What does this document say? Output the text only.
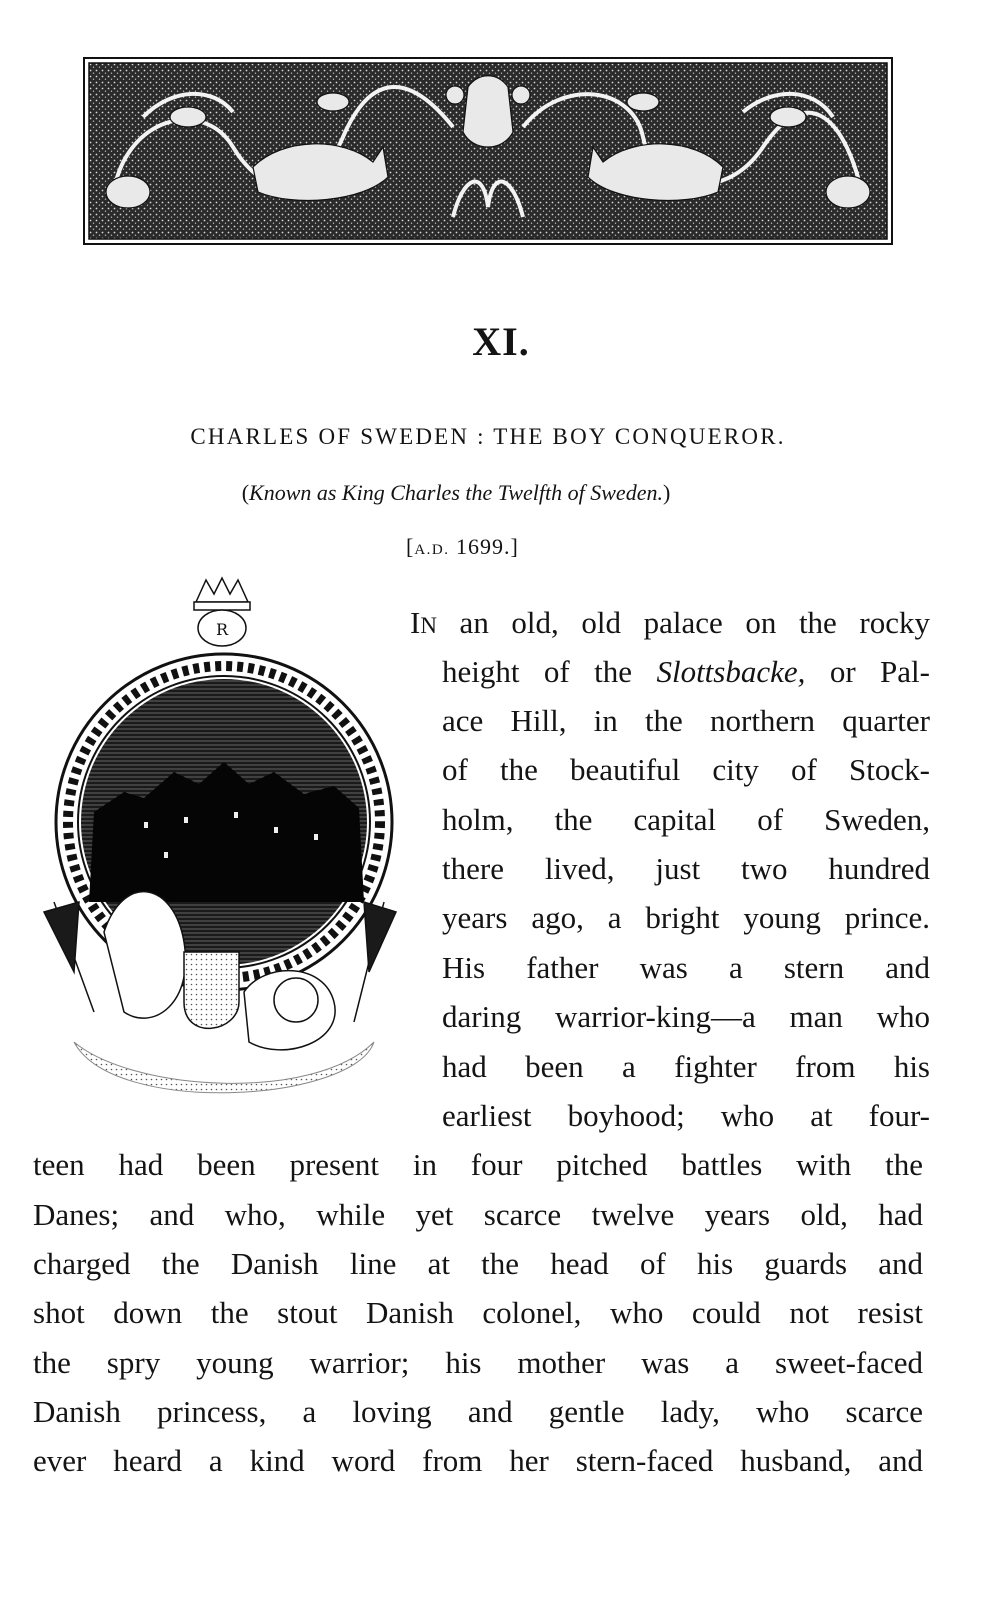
XI.
CHARLES OF SWEDEN : THE BOY CONQUEROR.
(Known as King Charles the Twelfth of Sweden.)
[A.D. 1699.]
R	IN an old, old palace on the rocky
height of the Slottsbacke, or Pal-
ace Hill, in the northern quarter
of the beautiful city of Stock-
holm, the capital of Sweden,
there lived, just two hundred
years ago, a bright young prince.
His father was a stern and
daring warrior-king—a man who
had been a fighter from his
earliest boyhood; who at four-
teen had been present in four pitched battles with the
Danes; and who, while yet scarce twelve years old, had
charged the Danish line at the head of his guards and
shot down the stout Danish colonel, who could not resist
the spry young warrior; his mother was a sweet-faced
Danish princess, a loving and gentle lady, who scarce
ever heard a kind word from her stern-faced husband, and
